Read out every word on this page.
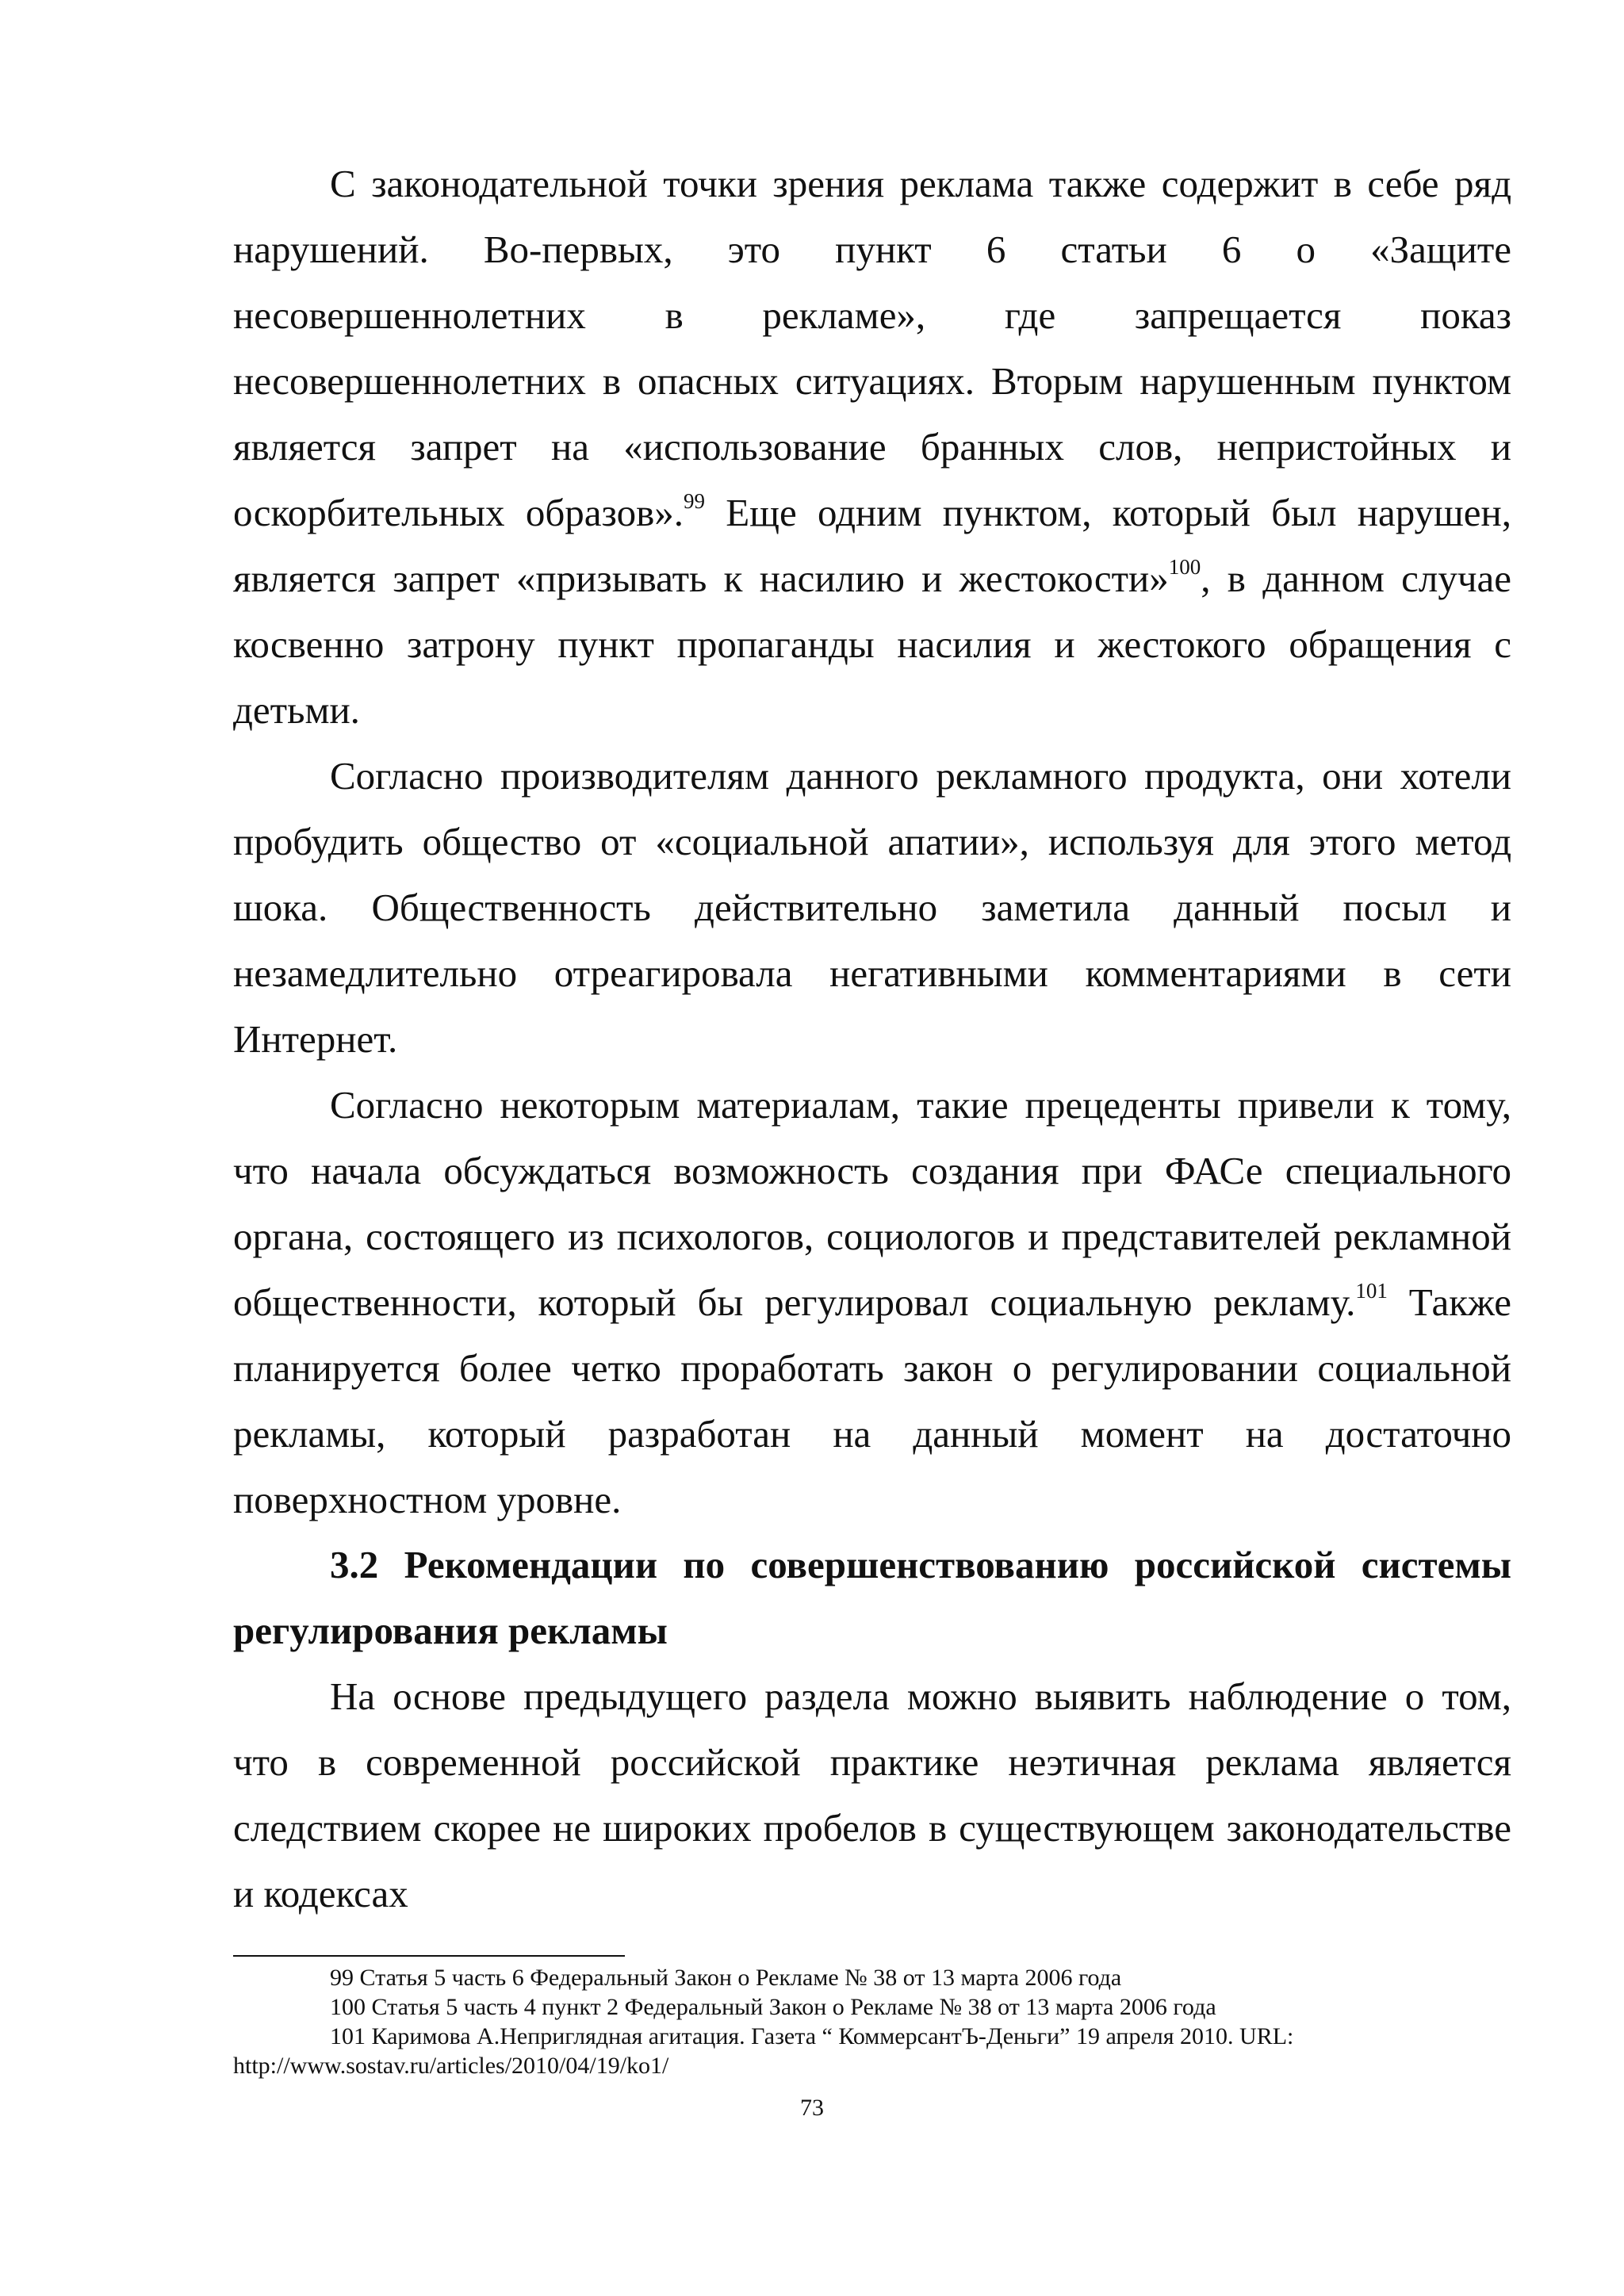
С законодательной точки зрения реклама также содержит в себе ряд нарушений. Во-первых, это пункт 6 статьи 6 о «Защите несовершеннолетних в рекламе», где запрещается показ несовершеннолетних в опасных ситуациях. Вторым нарушенным пунктом является запрет на «использование бранных слов, непристойных и оскорбительных образов».$^{99}$ Еще одним пунктом, который был нарушен, является запрет «призывать к насилию и жестокости»$^{100}$, в данном случае косвенно затрону пункт пропаганды насилия и жестокого обращения с детьми.

Согласно производителям данного рекламного продукта, они хотели пробудить общество от «социальной апатии», используя для этого метод шока. Общественность действительно заметила данный посыл и незамедлительно отреагировала негативными комментариями в сети Интернет.

Согласно некоторым материалам, такие прецеденты привели к тому, что начала обсуждаться возможность создания при ФАСе специального органа, состоящего из психологов, социологов и представителей рекламной общественности, который бы регулировал социальную рекламу.$^{101}$ Также планируется более четко проработать закон о регулировании социальной рекламы, который разработан на данный момент на достаточно поверхностном уровне.

3.2 Рекомендации по совершенствованию российской системы регулирования рекламы

На основе предыдущего раздела можно выявить наблюдение о том, что в современной российской практике неэтичная реклама является следствием скорее не широких пробелов в существующем законодательстве и кодексах

99 Статья 5 часть 6 Федеральный Закон о Рекламе № 38 от 13 марта 2006 года

100 Статья 5 часть 4 пункт 2 Федеральный Закон о Рекламе № 38 от 13 марта 2006 года

101 Каримова А.Неприглядная агитация. Газета “ КоммерсантЪ-Деньги” 19 апреля 2010. URL: http://www.sostav.ru/articles/2010/04/19/ko1/

73
